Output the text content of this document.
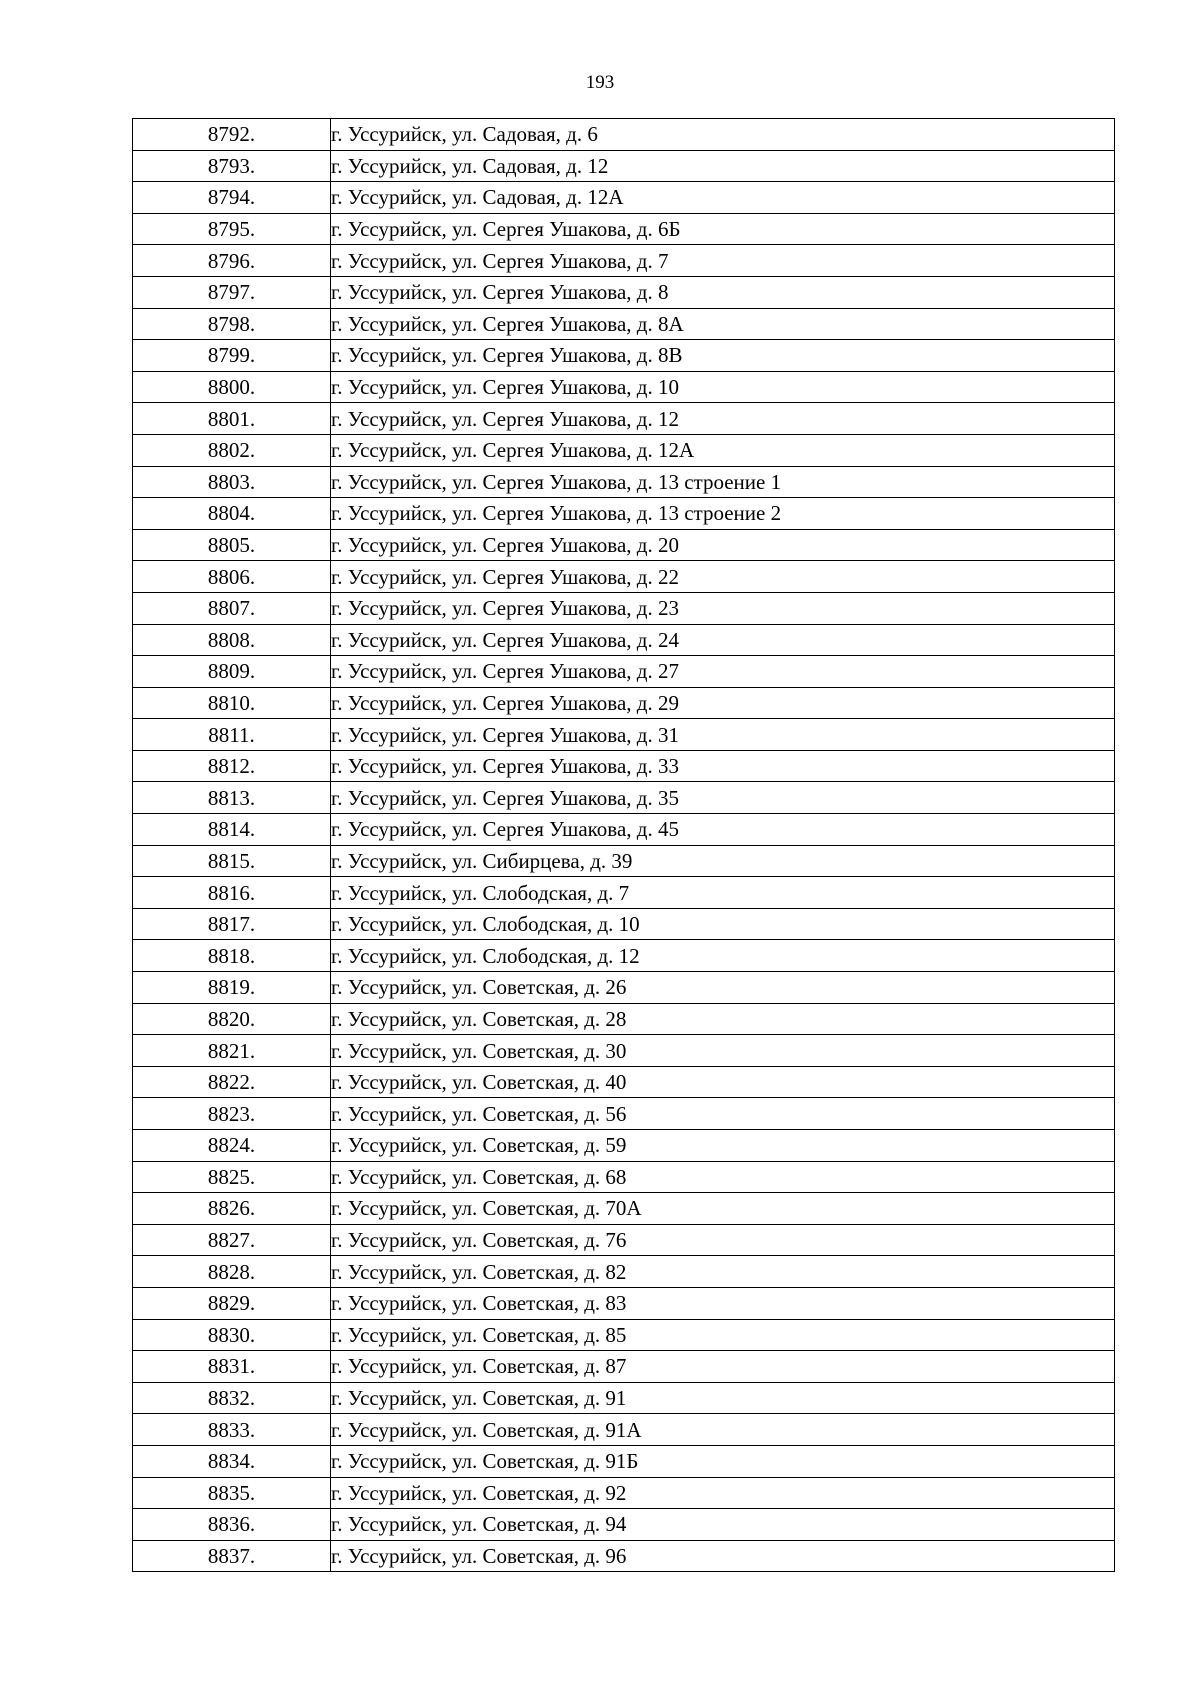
193
8792.	г. Уссурийск, ул. Садовая, д. 6
8793.	г. Уссурийск, ул. Садовая, д. 12
8794.	г. Уссурийск, ул. Садовая, д. 12А
8795.	г. Уссурийск, ул. Сергея Ушакова, д. 6Б
8796.	г. Уссурийск, ул. Сергея Ушакова, д. 7
8797.	г. Уссурийск, ул. Сергея Ушакова, д. 8
8798.	г. Уссурийск, ул. Сергея Ушакова, д. 8А
8799.	г. Уссурийск, ул. Сергея Ушакова, д. 8В
8800.	г. Уссурийск, ул. Сергея Ушакова, д. 10
8801.	г. Уссурийск, ул. Сергея Ушакова, д. 12
8802.	г. Уссурийск, ул. Сергея Ушакова, д. 12А
8803.	г. Уссурийск, ул. Сергея Ушакова, д. 13 строение 1
8804.	г. Уссурийск, ул. Сергея Ушакова, д. 13 строение 2
8805.	г. Уссурийск, ул. Сергея Ушакова, д. 20
8806.	г. Уссурийск, ул. Сергея Ушакова, д. 22
8807.	г. Уссурийск, ул. Сергея Ушакова, д. 23
8808.	г. Уссурийск, ул. Сергея Ушакова, д. 24
8809.	г. Уссурийск, ул. Сергея Ушакова, д. 27
8810.	г. Уссурийск, ул. Сергея Ушакова, д. 29
8811.	г. Уссурийск, ул. Сергея Ушакова, д. 31
8812.	г. Уссурийск, ул. Сергея Ушакова, д. 33
8813.	г. Уссурийск, ул. Сергея Ушакова, д. 35
8814.	г. Уссурийск, ул. Сергея Ушакова, д. 45
8815.	г. Уссурийск, ул. Сибирцева, д. 39
8816.	г. Уссурийск, ул. Слободская, д. 7
8817.	г. Уссурийск, ул. Слободская, д. 10
8818.	г. Уссурийск, ул. Слободская, д. 12
8819.	г. Уссурийск, ул. Советская, д. 26
8820.	г. Уссурийск, ул. Советская, д. 28
8821.	г. Уссурийск, ул. Советская, д. 30
8822.	г. Уссурийск, ул. Советская, д. 40
8823.	г. Уссурийск, ул. Советская, д. 56
8824.	г. Уссурийск, ул. Советская, д. 59
8825.	г. Уссурийск, ул. Советская, д. 68
8826.	г. Уссурийск, ул. Советская, д. 70А
8827.	г. Уссурийск, ул. Советская, д. 76
8828.	г. Уссурийск, ул. Советская, д. 82
8829.	г. Уссурийск, ул. Советская, д. 83
8830.	г. Уссурийск, ул. Советская, д. 85
8831.	г. Уссурийск, ул. Советская, д. 87
8832.	г. Уссурийск, ул. Советская, д. 91
8833.	г. Уссурийск, ул. Советская, д. 91А
8834.	г. Уссурийск, ул. Советская, д. 91Б
8835.	г. Уссурийск, ул. Советская, д. 92
8836.	г. Уссурийск, ул. Советская, д. 94
8837.	г. Уссурийск, ул. Советская, д. 96
